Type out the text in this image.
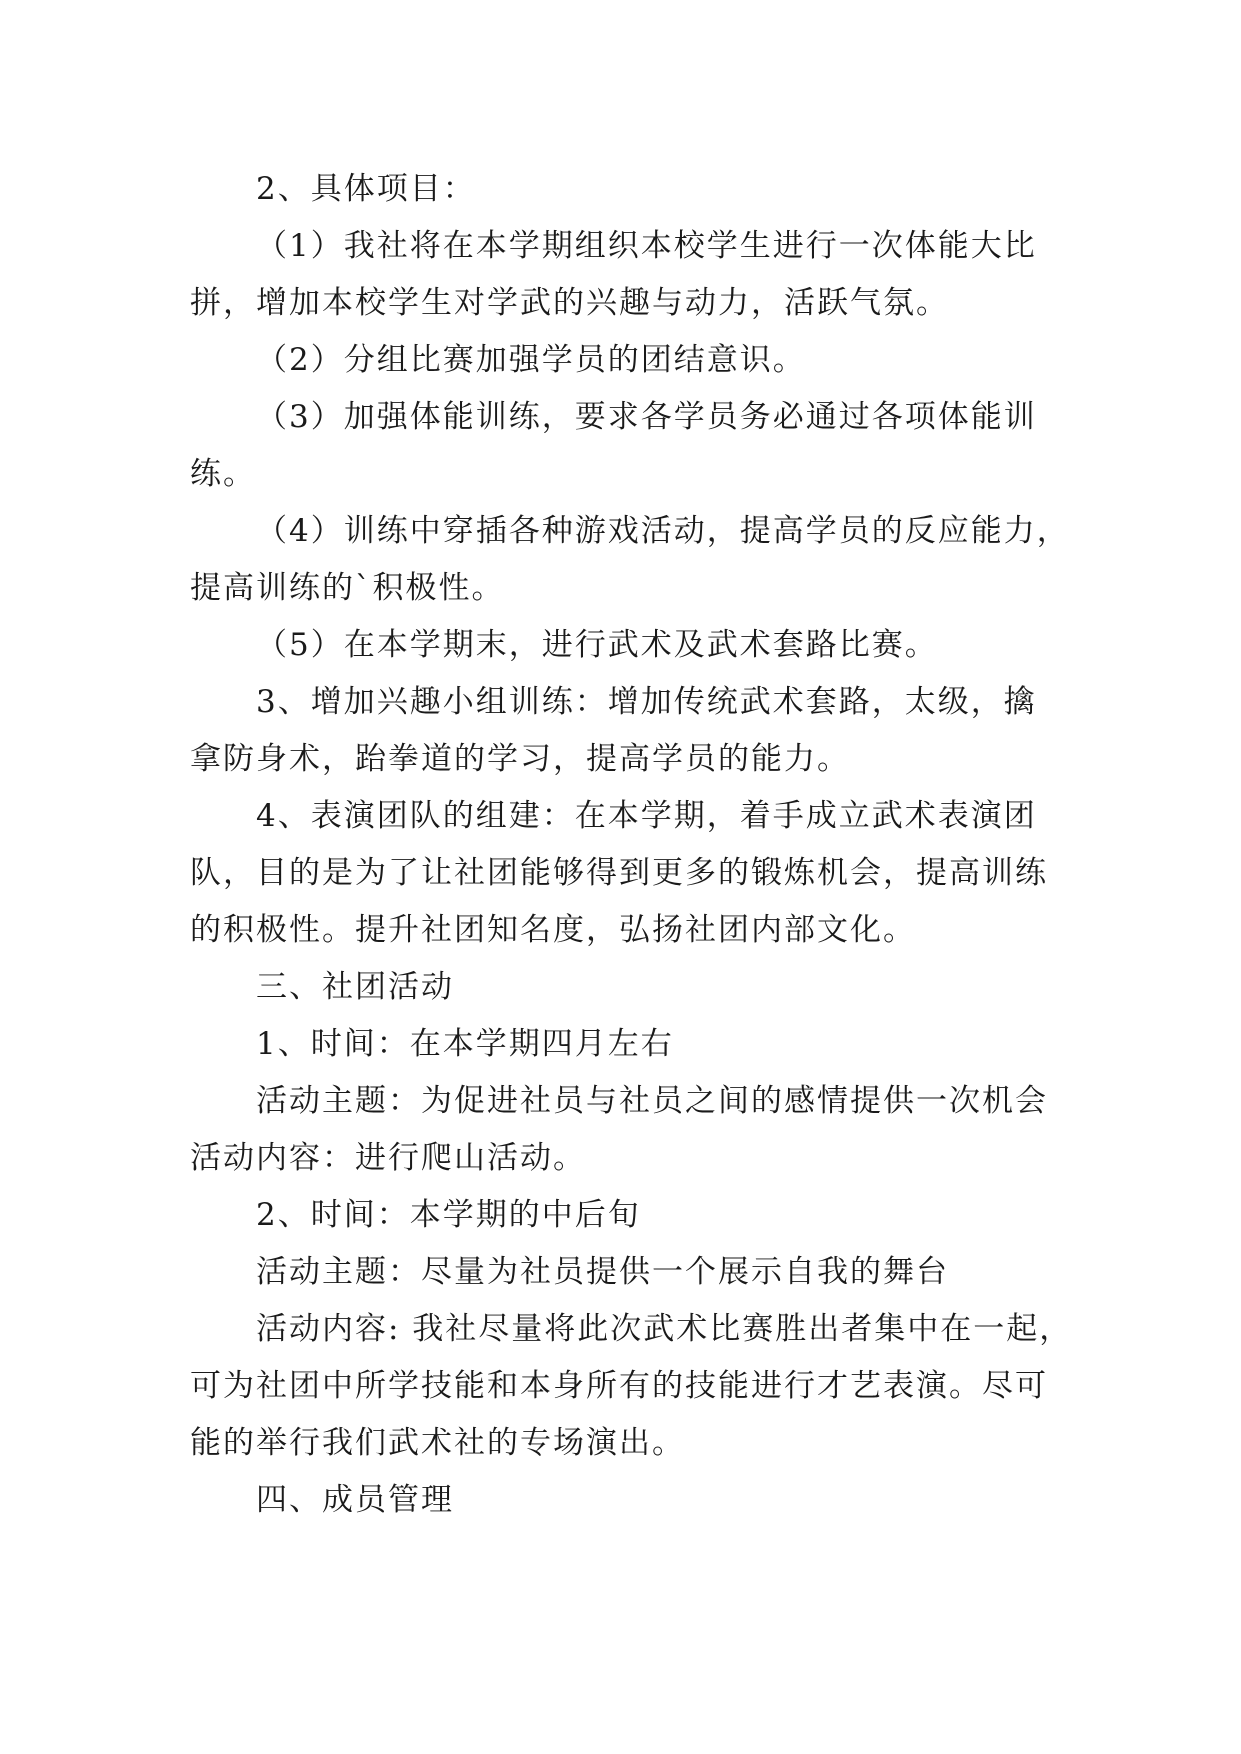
2、具体项目：
（1）我社将在本学期组织本校学生进行一次体能大比
拼，增加本校学生对学武的兴趣与动力，活跃气氛。
（2）分组比赛加强学员的团结意识。
（3）加强体能训练，要求各学员务必通过各项体能训
练。
（4）训练中穿插各种游戏活动，提高学员的反应能力，
提高训练的`积极性。
（5）在本学期末，进行武术及武术套路比赛。
3、增加兴趣小组训练：增加传统武术套路，太级，擒
拿防身术，跆拳道的学习，提高学员的能力。
4、表演团队的组建：在本学期，着手成立武术表演团
队，目的是为了让社团能够得到更多的锻炼机会，提高训练
的积极性。提升社团知名度，弘扬社团内部文化。
三、社团活动
1、时间：在本学期四月左右
活动主题：为促进社员与社员之间的感情提供一次机会
活动内容：进行爬山活动。
2、时间：本学期的中后旬
活动主题：尽量为社员提供一个展示自我的舞台
活动内容: 我社尽量将此次武术比赛胜出者集中在一起，
可为社团中所学技能和本身所有的技能进行才艺表演。尽可
能的举行我们武术社的专场演出。
四、成员管理
